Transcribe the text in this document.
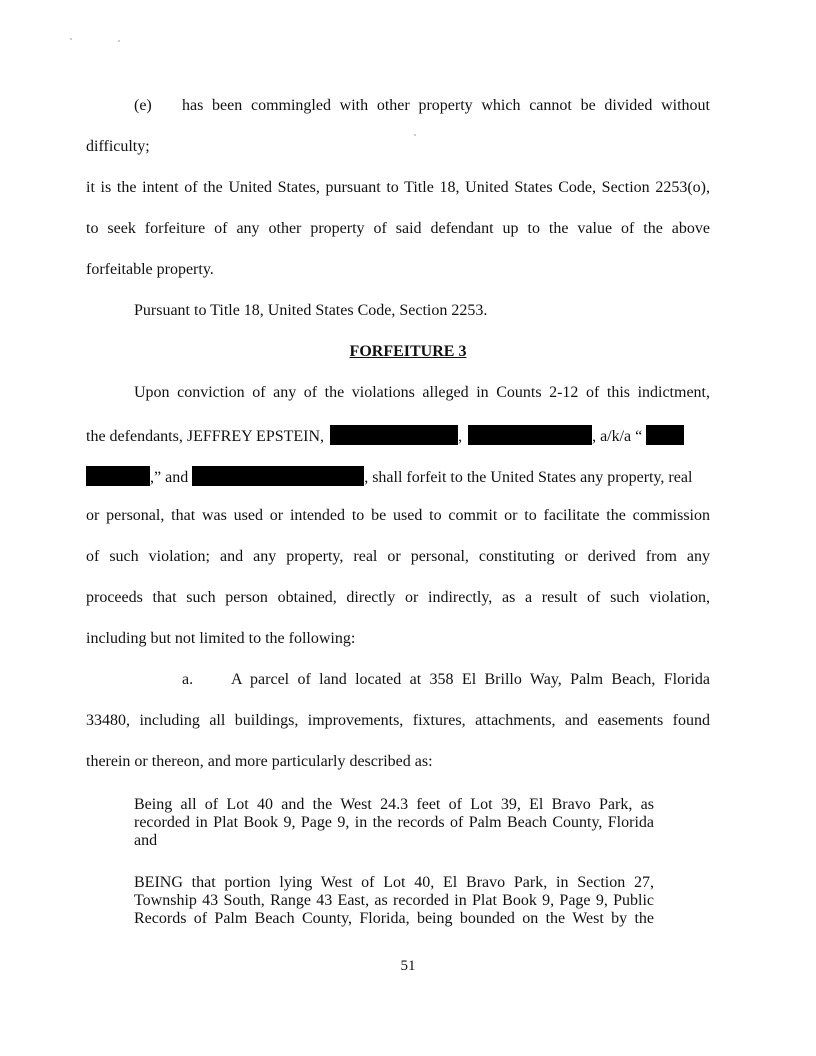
(e) has been commingled with other property which cannot be divided without
difficulty;
it is the intent of the United States, pursuant to Title 18, United States Code, Section 2253(o),
to seek forfeiture of any other property of said defendant up to the value of the above
forfeitable property.
Pursuant to Title 18, United States Code, Section 2253.
FORFEITURE 3
Upon conviction of any of the violations alleged in Counts 2-12 of this indictment,
the defendants, JEFFREY EPSTEIN,	,	, a/k/a “
,” and	, shall forfeit to the United States any property, real
or personal, that was used or intended to be used to commit or to facilitate the commission
of such violation; and any property, real or personal, constituting or derived from any
proceeds that such person obtained, directly or indirectly, as a result of such violation,
including but not limited to the following:
a. A parcel of land located at 358 El Brillo Way, Palm Beach, Florida
33480, including all buildings, improvements, fixtures, attachments, and easements found
therein or thereon, and more particularly described as:
Being all of Lot 40 and the West 24.3 feet of Lot 39, El Bravo Park, as
recorded in Plat Book 9, Page 9, in the records of Palm Beach County, Florida
and
BEING that portion lying West of Lot 40, El Bravo Park, in Section 27,
Township 43 South, Range 43 East, as recorded in Plat Book 9, Page 9, Public
Records of Palm Beach County, Florida, being bounded on the West by the
51
